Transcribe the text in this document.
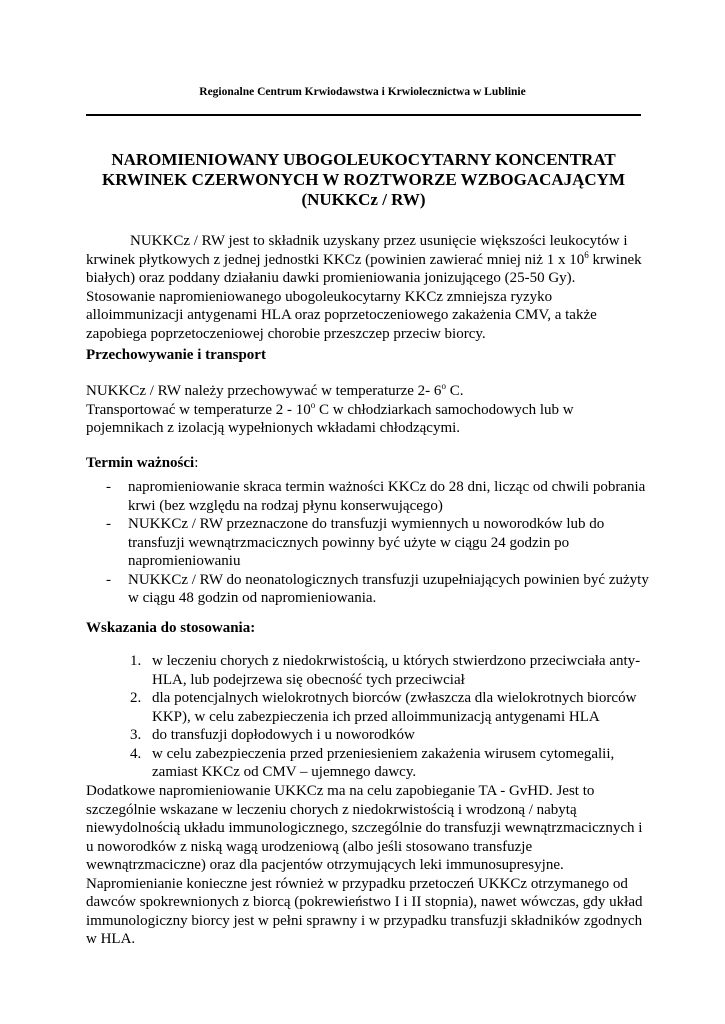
Regionalne Centrum Krwiodawstwa i Krwiolecznictwa w Lublinie
NAROMIENIOWANY UBOGOLEUKOCYTARNY KONCENTRAT
KRWINEK CZERWONYCH W ROZTWORZE WZBOGACAJĄCYM
(NUKKCz / RW)
NUKKCz / RW jest to składnik uzyskany przez usunięcie większości leukocytów i
krwinek płytkowych z jednej jednostki KKCz (powinien zawierać mniej niż 1 x $10^6$ krwinek
białych) oraz poddany działaniu dawki promieniowania jonizującego (25-50 Gy).
Stosowanie napromieniowanego ubogoleukocytarny KKCz zmniejsza ryzyko
alloimmunizacji antygenami HLA oraz poprzetoczeniowego zakażenia CMV, a także
zapobiega poprzetoczeniowej chorobie przeszczep przeciw biorcy.
Przechowywanie i transport
NUKKCz / RW należy przechowywać w temperaturze 2- 6$^o$ C.
Transportować w temperaturze 2 - 10$^o$ C w chłodziarkach samochodowych lub w
pojemnikach z izolacją wypełnionych wkładami chłodzącymi.
Termin ważności:
- napromieniowanie skraca termin ważności KKCz do 28 dni, licząc od chwili pobrania
krwi (bez względu na rodzaj płynu konserwującego)
- NUKKCz / RW przeznaczone do transfuzji wymiennych u noworodków lub do
transfuzji wewnątrzmacicznych powinny być użyte w ciągu 24 godzin po
napromieniowaniu
- NUKKCz / RW do neonatologicznych transfuzji uzupełniających powinien być zużyty
w ciągu 48 godzin od napromieniowania.
Wskazania do stosowania:
1. w leczeniu chorych z niedokrwistością, u których stwierdzono przeciwciała anty-
HLA, lub podejrzewa się obecność tych przeciwciał
2. dla potencjalnych wielokrotnych biorców (zwłaszcza dla wielokrotnych biorców
KKP), w celu zabezpieczenia ich przed alloimmunizacją antygenami HLA
3. do transfuzji dopłodowych i u noworodków
4. w celu zabezpieczenia przed przeniesieniem zakażenia wirusem cytomegalii,
zamiast KKCz od CMV – ujemnego dawcy.
Dodatkowe napromieniowanie UKKCz ma na celu zapobieganie TA - GvHD. Jest to
szczególnie wskazane w leczeniu chorych z niedokrwistością i wrodzoną / nabytą
niewydolnością układu immunologicznego, szczególnie do transfuzji wewnątrzmacicznych i
u noworodków z niską wagą urodzeniową (albo jeśli stosowano transfuzje
wewnątrzmaciczne) oraz dla pacjentów otrzymujących leki immunosupresyjne.
Napromienianie konieczne jest również w przypadku przetoczeń UKKCz otrzymanego od
dawców spokrewnionych z biorcą (pokrewieństwo I i II stopnia), nawet wówczas, gdy układ
immunologiczny biorcy jest w pełni sprawny i w przypadku transfuzji składników zgodnych
w HLA.
